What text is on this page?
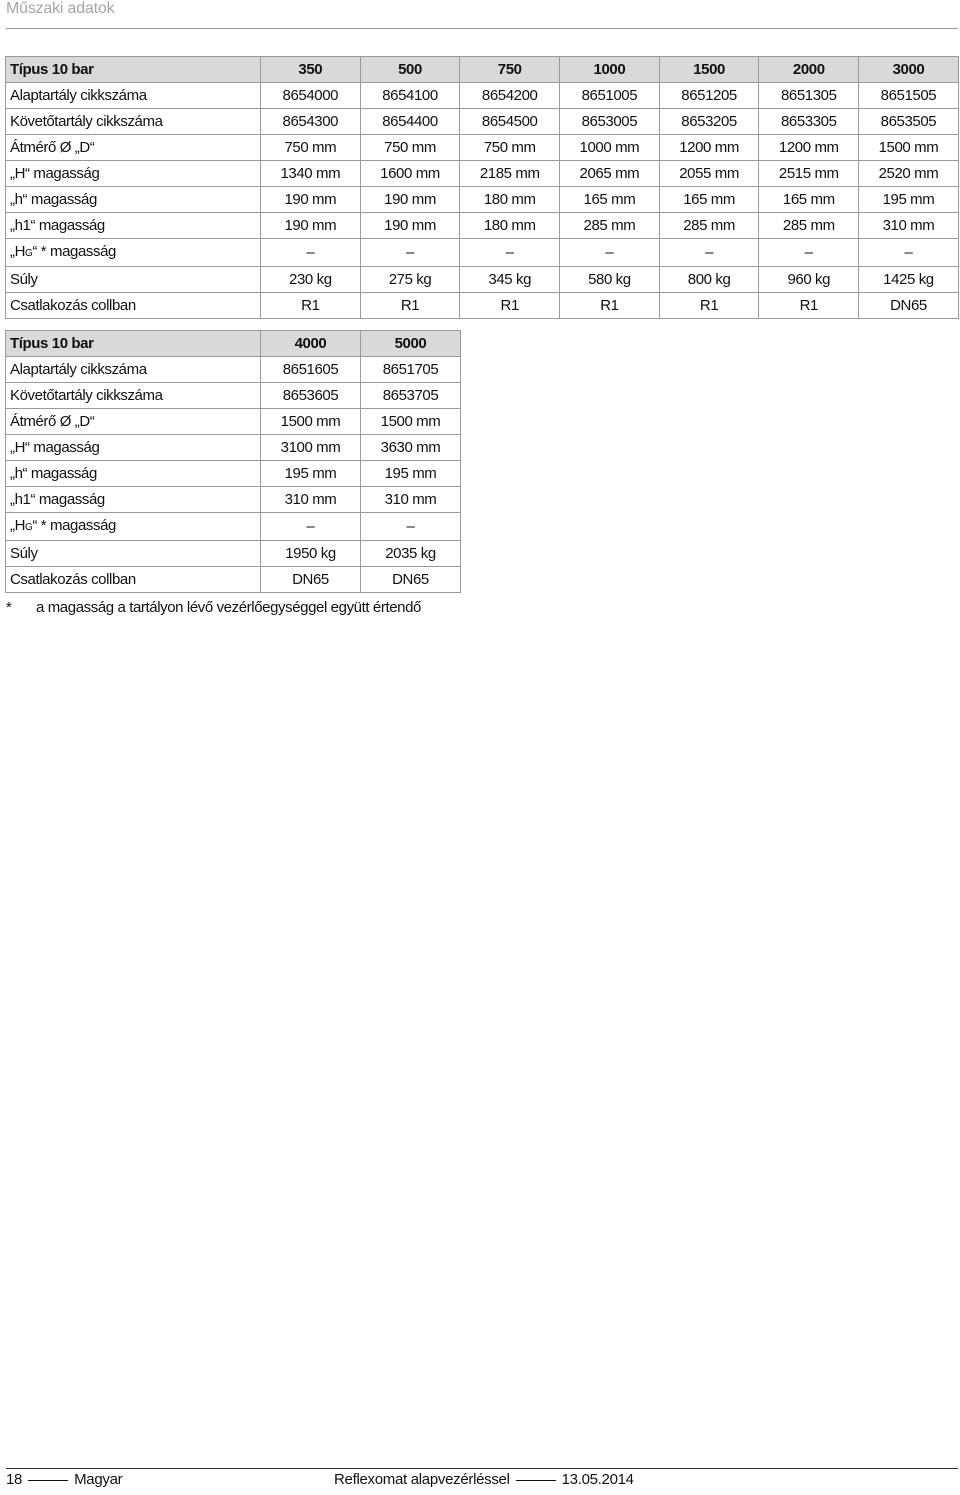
Műszaki adatok
Típus 10 bar	350	500	750	1000	1500	2000	3000
Alaptartály cikkszáma	8654000	8654100	8654200	8651005	8651205	8651305	8651505
Követőtartály cikkszáma	8654300	8654400	8654500	8653005	8653205	8653305	8653505
Átmérő Ø „D“	750 mm	750 mm	750 mm	1000 mm	1200 mm	1200 mm	1500 mm
„H“ magasság	1340 mm	1600 mm	2185 mm	2065 mm	2055 mm	2515 mm	2520 mm
„h“ magasság	190 mm	190 mm	180 mm	165 mm	165 mm	165 mm	195 mm
„h1“ magasság	190 mm	190 mm	180 mm	285 mm	285 mm	285 mm	310 mm
„HG“ * magasság	–	–	–	–	–	–	–
Súly	230 kg	275 kg	345 kg	580 kg	800 kg	960 kg	1425 kg
Csatlakozás collban	R1	R1	R1	R1	R1	R1	DN65
Típus 10 bar	4000	5000
Alaptartály cikkszáma	8651605	8651705
Követőtartály cikkszáma	8653605	8653705
Átmérő Ø „D“	1500 mm	1500 mm
„H“ magasság	3100 mm	3630 mm
„h“ magasság	195 mm	195 mm
„h1“ magasság	310 mm	310 mm
„HG“ * magasság	–	–
Súly	1950 kg	2035 kg
Csatlakozás collban	DN65	DN65
* a magasság a tartályon lévő vezérlőegységgel együtt értendő
18	Magyar	Reflexomat alapvezérléssel	13.05.2014
